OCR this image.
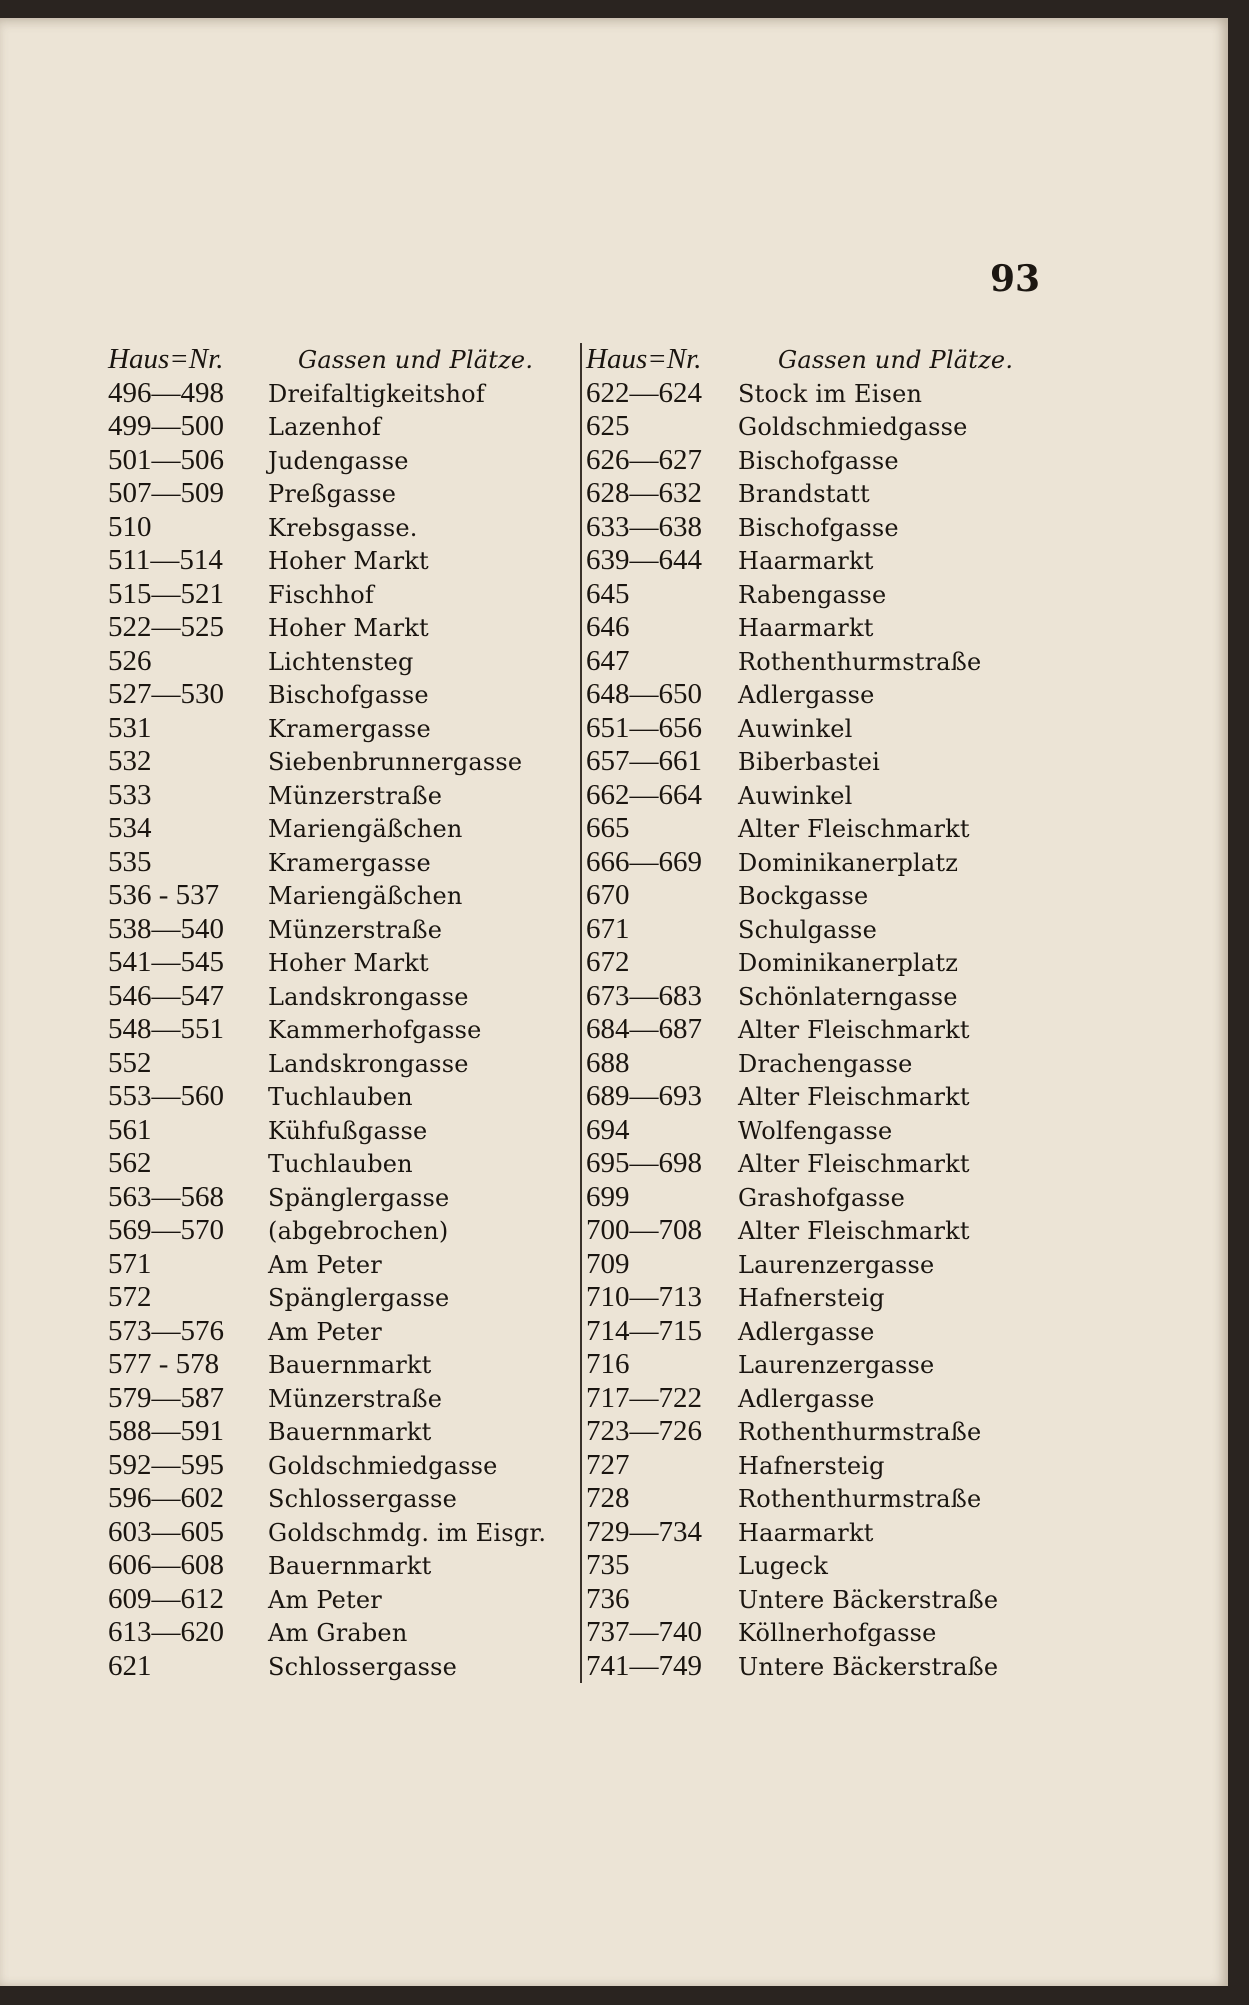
93
Haus=Nr.	Gassen und Plätze.
496—498	Dreifaltigkeitshof
499—500	Lazenhof
501—506	Judengasse
507—509	Preßgasse
510	Krebsgasse.
511—514	Hoher Markt
515—521	Fischhof
522—525	Hoher Markt
526	Lichtensteg
527—530	Bischofgasse
531	Kramergasse
532	Siebenbrunnergasse
533	Münzerstraße
534	Mariengäßchen
535	Kramergasse
536 - 537	Mariengäßchen
538—540	Münzerstraße
541—545	Hoher Markt
546—547	Landskrongasse
548—551	Kammerhofgasse
552	Landskrongasse
553—560	Tuchlauben
561	Kühfußgasse
562	Tuchlauben
563—568	Spänglergasse
569—570	(abgebrochen)
571	Am Peter
572	Spänglergasse
573—576	Am Peter
577 - 578	Bauernmarkt
579—587	Münzerstraße
588—591	Bauernmarkt
592—595	Goldschmiedgasse
596—602	Schlossergasse
603—605	Goldschmdg. im Eisgr.
606—608	Bauernmarkt
609—612	Am Peter
613—620	Am Graben
621	Schlossergasse
Haus=Nr.	Gassen und Plätze.
622—624	Stock im Eisen
625	Goldschmiedgasse
626—627	Bischofgasse
628—632	Brandstatt
633—638	Bischofgasse
639—644	Haarmarkt
645	Rabengasse
646	Haarmarkt
647	Rothenthurmstraße
648—650	Adlergasse
651—656	Auwinkel
657—661	Biberbastei
662—664	Auwinkel
665	Alter Fleischmarkt
666—669	Dominikanerplatz
670	Bockgasse
671	Schulgasse
672	Dominikanerplatz
673—683	Schönlaterngasse
684—687	Alter Fleischmarkt
688	Drachengasse
689—693	Alter Fleischmarkt
694	Wolfengasse
695—698	Alter Fleischmarkt
699	Grashofgasse
700—708	Alter Fleischmarkt
709	Laurenzergasse
710—713	Hafnersteig
714—715	Adlergasse
716	Laurenzergasse
717—722	Adlergasse
723—726	Rothenthurmstraße
727	Hafnersteig
728	Rothenthurmstraße
729—734	Haarmarkt
735	Lugeck
736	Untere Bäckerstraße
737—740	Köllnerhofgasse
741—749	Untere Bäckerstraße
